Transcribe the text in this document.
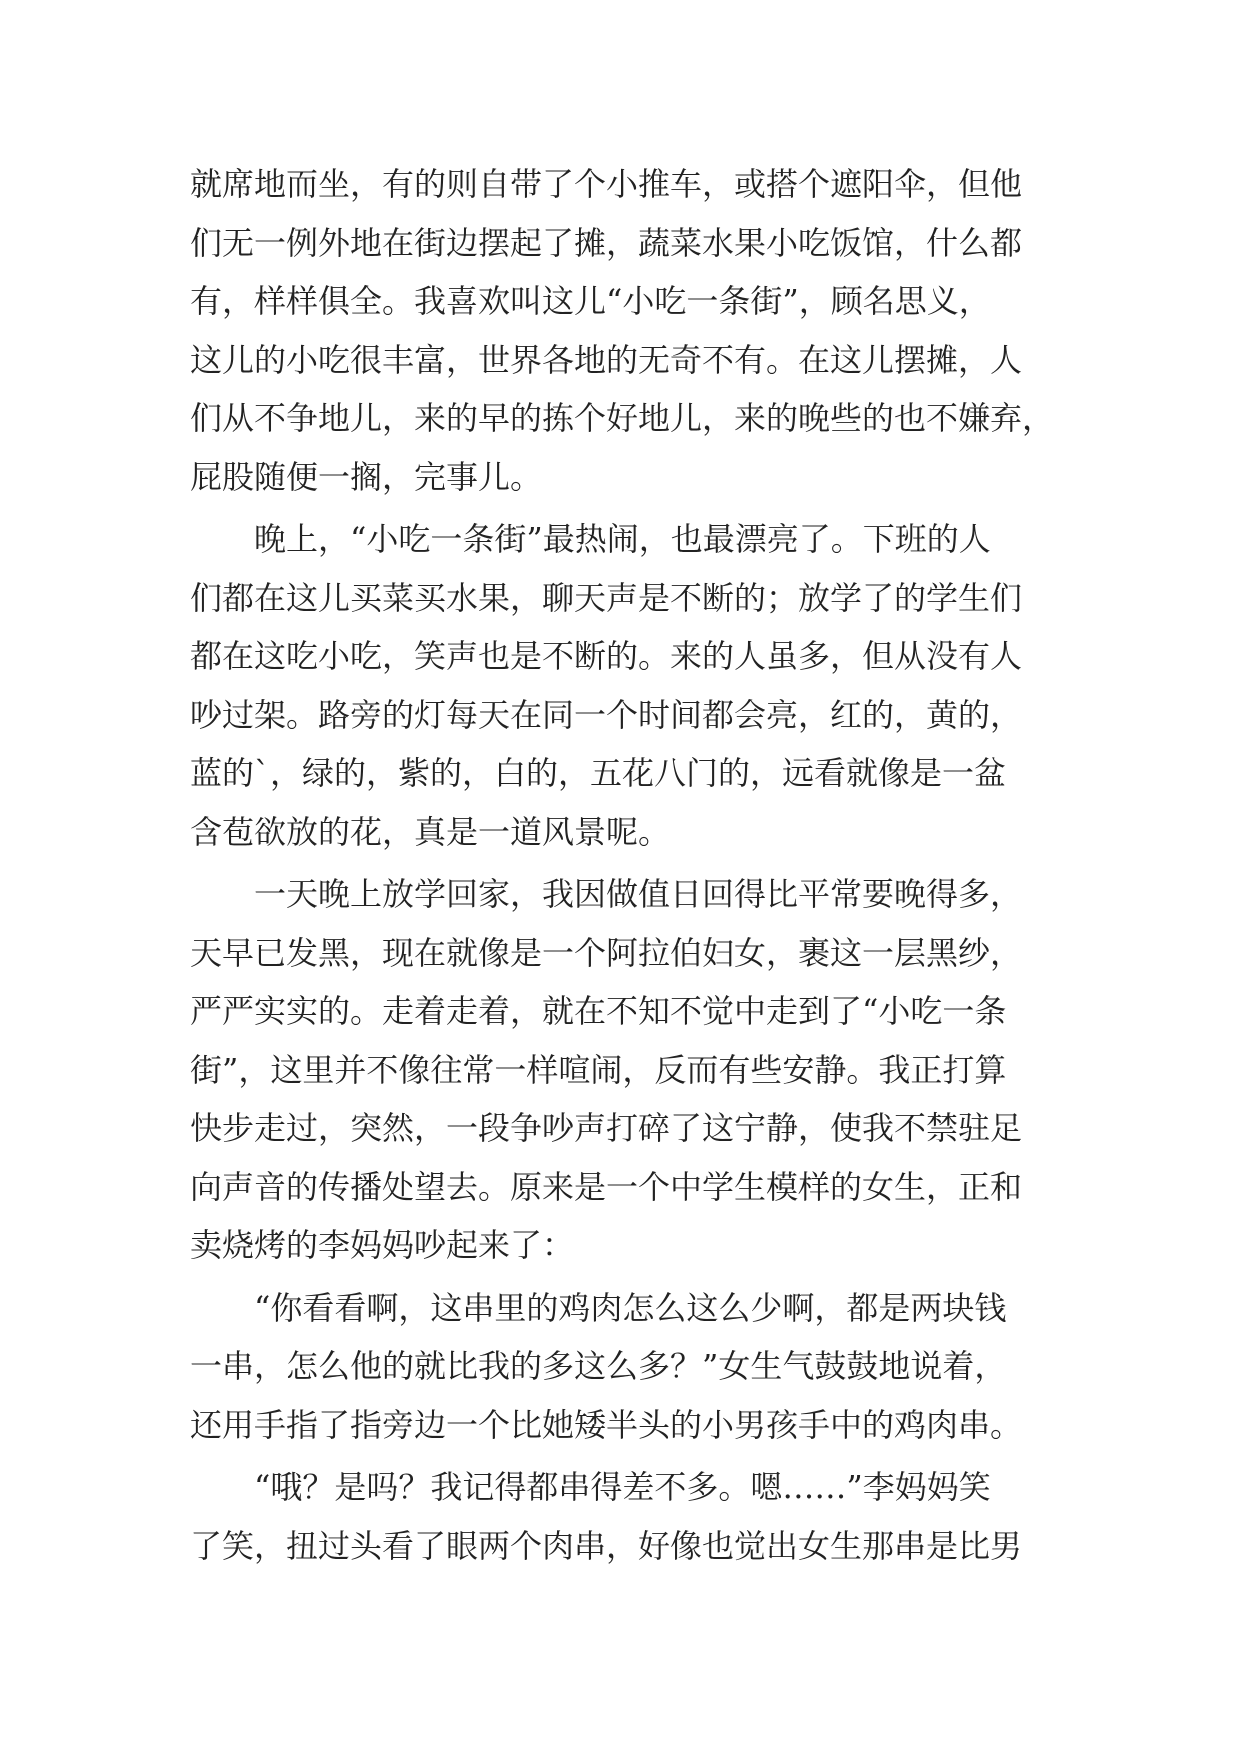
就席地而坐，有的则自带了个小推车，或搭个遮阳伞，但他
们无一例外地在街边摆起了摊，蔬菜水果小吃饭馆，什么都
有，样样俱全。我喜欢叫这儿“小吃一条街”，顾名思义，
这儿的小吃很丰富，世界各地的无奇不有。在这儿摆摊，人
们从不争地儿，来的早的拣个好地儿，来的晚些的也不嫌弃，
屁股随便一搁，完事儿。
晚上，“小吃一条街”最热闹，也最漂亮了。下班的人
们都在这儿买菜买水果，聊天声是不断的；放学了的学生们
都在这吃小吃，笑声也是不断的。来的人虽多，但从没有人
吵过架。路旁的灯每天在同一个时间都会亮，红的，黄的，
蓝的`，绿的，紫的，白的，五花八门的，远看就像是一盆
含苞欲放的花，真是一道风景呢。
一天晚上放学回家，我因做值日回得比平常要晚得多，
天早已发黑，现在就像是一个阿拉伯妇女，裹这一层黑纱，
严严实实的。走着走着，就在不知不觉中走到了“小吃一条
街”，这里并不像往常一样喧闹，反而有些安静。我正打算
快步走过，突然，一段争吵声打碎了这宁静，使我不禁驻足
向声音的传播处望去。原来是一个中学生模样的女生，正和
卖烧烤的李妈妈吵起来了：
“你看看啊，这串里的鸡肉怎么这么少啊，都是两块钱
一串，怎么他的就比我的多这么多？”女生气鼓鼓地说着，
还用手指了指旁边一个比她矮半头的小男孩手中的鸡肉串。
“哦？是吗？我记得都串得差不多。嗯……”李妈妈笑
了笑，扭过头看了眼两个肉串，好像也觉出女生那串是比男
